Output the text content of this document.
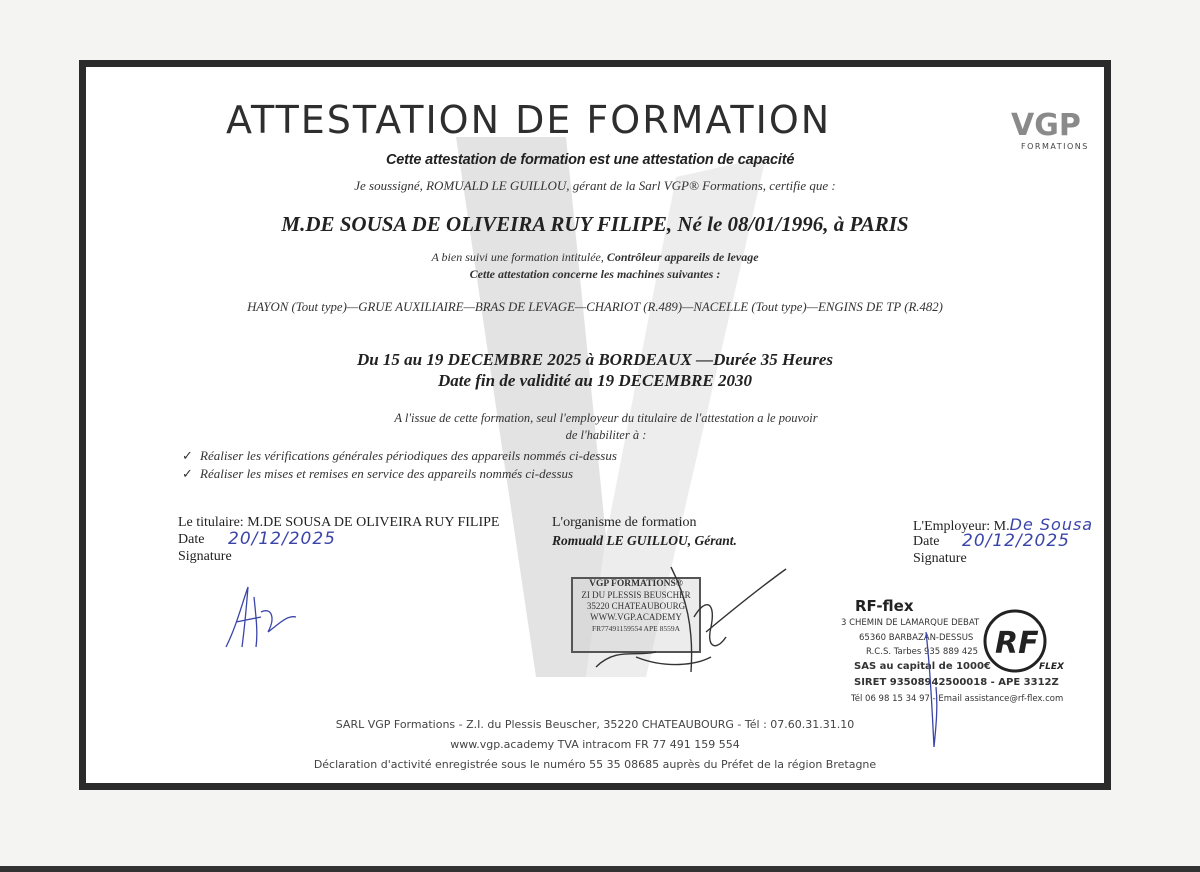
ATTESTATION DE FORMATION	VGP
FORMATIONS
Cette attestation de formation est une attestation de capacité
Je soussigné, ROMUALD LE GUILLOU, gérant de la Sarl VGP® Formations, certifie que :
M.DE SOUSA DE OLIVEIRA RUY FILIPE, Né le 08/01/1996, à PARIS
A bien suivi une formation intitulée, Contrôleur appareils de levage
Cette attestation concerne les machines suivantes :
HAYON (Tout type)—GRUE AUXILIAIRE—BRAS DE LEVAGE—CHARIOT (R.489)—NACELLE (Tout type)—ENGINS DE TP (R.482)
Du 15 au 19 DECEMBRE 2025 à BORDEAUX —Durée 35 Heures
Date fin de validité au 19 DECEMBRE 2030
A l'issue de cette formation, seul l'employeur du titulaire de l'attestation a le pouvoir
de l'habiliter à :
✓ Réaliser les vérifications générales périodiques des appareils nommés ci-dessus
✓ Réaliser les mises et remises en service des appareils nommés ci-dessus
Le titulaire: M.DE SOUSA DE OLIVEIRA RUY FILIPE
Date 20/12/2025
Signature
L'organisme de formation
Romuald LE GUILLOU, Gérant.
VGP FORMATIONS®
ZI DU PLESSIS BEUSCHER
35220 CHATEAUBOURG
WWW.VGP.ACADEMY
FR77491159554 APE 8559A
L'Employeur: M.De Sousa
Date 20/12/2025
Signature
RF-flex
3 CHEMIN DE LAMARQUE DEBAT
65360 BARBAZAN-DESSUS
R.C.S. Tarbes 935 889 425
SAS au capital de 1000€
SIRET 93508942500018 - APE 3312Z
Tél 06 98 15 34 97 - Email assistance@rf-flex.com
RF
FLEX
SARL VGP Formations - Z.I. du Plessis Beuscher, 35220 CHATEAUBOURG - Tél : 07.60.31.31.10
www.vgp.academy TVA intracom FR 77 491 159 554
Déclaration d'activité enregistrée sous le numéro 55 35 08685 auprès du Préfet de la région Bretagne
